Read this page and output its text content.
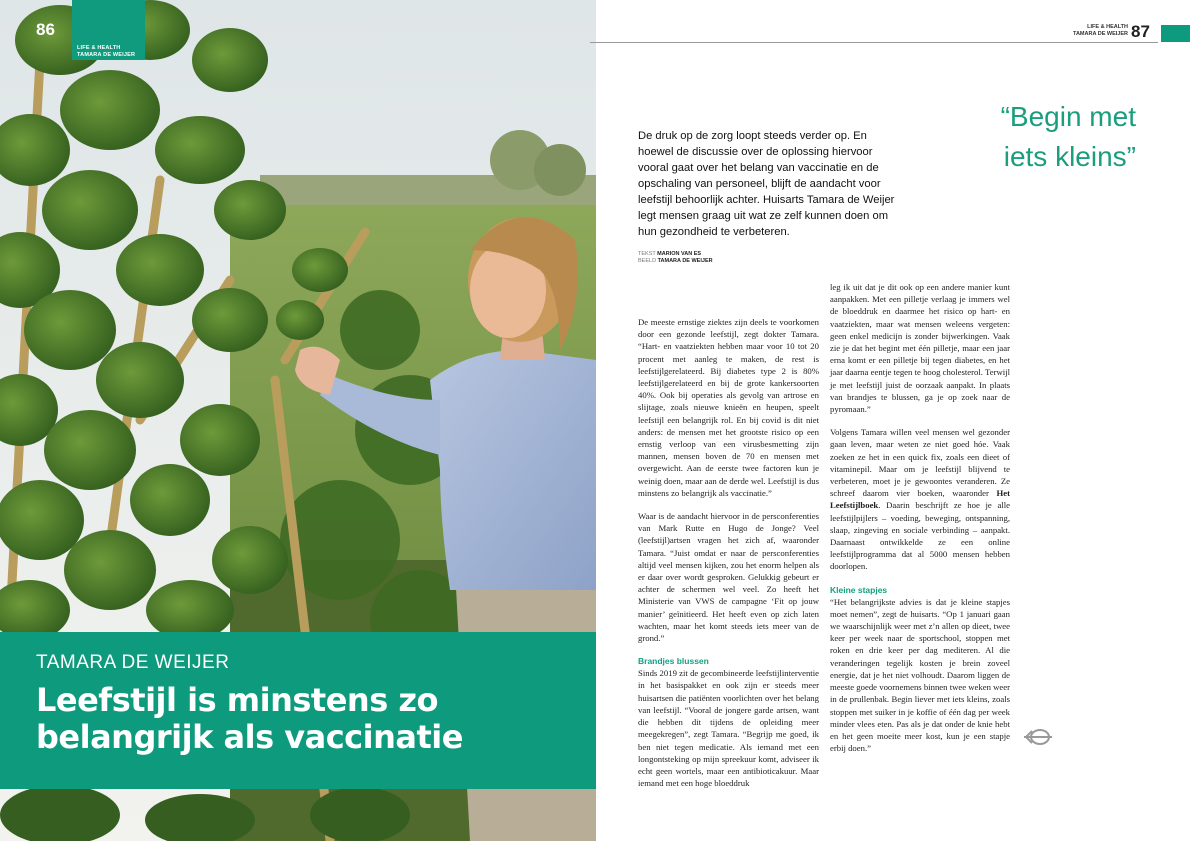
LIFE & HEALTH
TAMARA DE WEIJER
86
TAMARA DE WEIJER
Leefstijl is minstens zo
belangrijk als vaccinatie
LIFE & HEALTH
TAMARA DE WEIJER 87
“Begin met
iets kleins”
De druk op de zorg loopt steeds verder op. En hoewel de discussie over de oplossing hiervoor vooral gaat over het belang van vaccinatie en de opschaling van personeel, blijft de aandacht voor leefstijl behoorlijk achter. Huisarts Tamara de Weijer legt mensen graag uit wat ze zelf kunnen doen om hun gezondheid te verbeteren.
TEKST MARION VAN ES
BEELD TAMARA DE WEIJER

De meeste ernstige ziektes zijn deels te voorkomen door een gezonde leefstijl, zegt dokter Tamara. “Hart- en vaatziekten hebben maar voor 10 tot 20 procent met aanleg te maken, de rest is leefstijlgerelateerd. Bij diabetes type 2 is 80% leefstijlgerelateerd en bij de grote kankersoorten 40%. Ook bij operaties als gevolg van artrose en slijtage, zoals nieuwe knieën en heupen, speelt leefstijl een belangrijk rol. En bij covid is dit niet anders: de mensen met het grootste risico op een ernstig verloop van een virusbesmetting zijn mannen, mensen boven de 70 en mensen met overgewicht. Aan de eerste twee factoren kun je weinig doen, maar aan de derde wel. Leefstijl is dus minstens zo belangrijk als vaccinatie.”

Waar is de aandacht hiervoor in de persconferenties van Mark Rutte en Hugo de Jonge? Veel (leefstijl)artsen vragen het zich af, waaronder Tamara. “Juist omdat er naar de persconferenties altijd veel mensen kijken, zou het enorm helpen als er daar over wordt gesproken. Gelukkig gebeurt er achter de schermen wel veel. Zo heeft het Ministerie van VWS de campagne ‘Fit op jouw manier’ geïnitieerd. Het heeft even op zich laten wachten, maar het komt steeds iets meer van de grond.”

Brandjes blussen

Sinds 2019 zit de gecombineerde leefstijlinterventie in het basispakket en ook zijn er steeds meer huisartsen die patiënten voorlichten over het belang van leefstijl. “Vooral de jongere garde artsen, want die hebben dit tijdens de opleiding meer meegekregen”, zegt Tamara. “Begrijp me goed, ik ben niet tegen medicatie. Als iemand met een longontsteking op mijn spreekuur komt, adviseer ik echt geen wortels, maar een antibioticakuur. Maar iemand met een hoge bloeddruk

leg ik uit dat je dit ook op een andere manier kunt aanpakken. Met een pilletje verlaag je immers wel de bloeddruk en daarmee het risico op hart- en vaatziekten, maar wat mensen weleens vergeten: geen enkel medicijn is zonder bijwerkingen. Vaak zie je dat het begint met één pilletje, maar een jaar erna komt er een pilletje bij tegen diabetes, en het jaar daarna eentje tegen te hoog cholesterol. Terwijl je met leefstijl juist de oorzaak aanpakt. In plaats van brandjes te blussen, ga je op zoek naar de pyromaan.”

Volgens Tamara willen veel mensen wel gezonder gaan leven, maar weten ze niet goed hóe. Vaak zoeken ze het in een quick fix, zoals een dieet of vitaminepil. Maar om je leefstijl blijvend te verbeteren, moet je je gewoontes veranderen. Ze schreef daarom vier boeken, waaronder Het Leefstijlboek. Daarin beschrijft ze hoe je alle leefstijlpijlers – voeding, beweging, ontspanning, slaap, zingeving en sociale verbinding – aanpakt. Daarnaast ontwikkelde ze een online leefstijlprogramma dat al 5000 mensen hebben doorlopen.

Kleine stapjes

“Het belangrijkste advies is dat je kleine stapjes moet nemen”, zegt de huisarts. “Op 1 januari gaan we waarschijnlijk weer met z’n allen op dieet, twee keer per week naar de sportschool, stoppen met roken en drie keer per dag mediteren. Al die veranderingen tegelijk kosten je brein zoveel energie, dat je het niet volhoudt. Daarom liggen de meeste goede voornemens binnen twee weken weer in de prullenbak. Begin liever met iets kleins, zoals stoppen met suiker in je koffie of één dag per week minder vlees eten. Pas als je dat onder de knie hebt en het geen moeite meer kost, kun je een stapje erbij doen.”
